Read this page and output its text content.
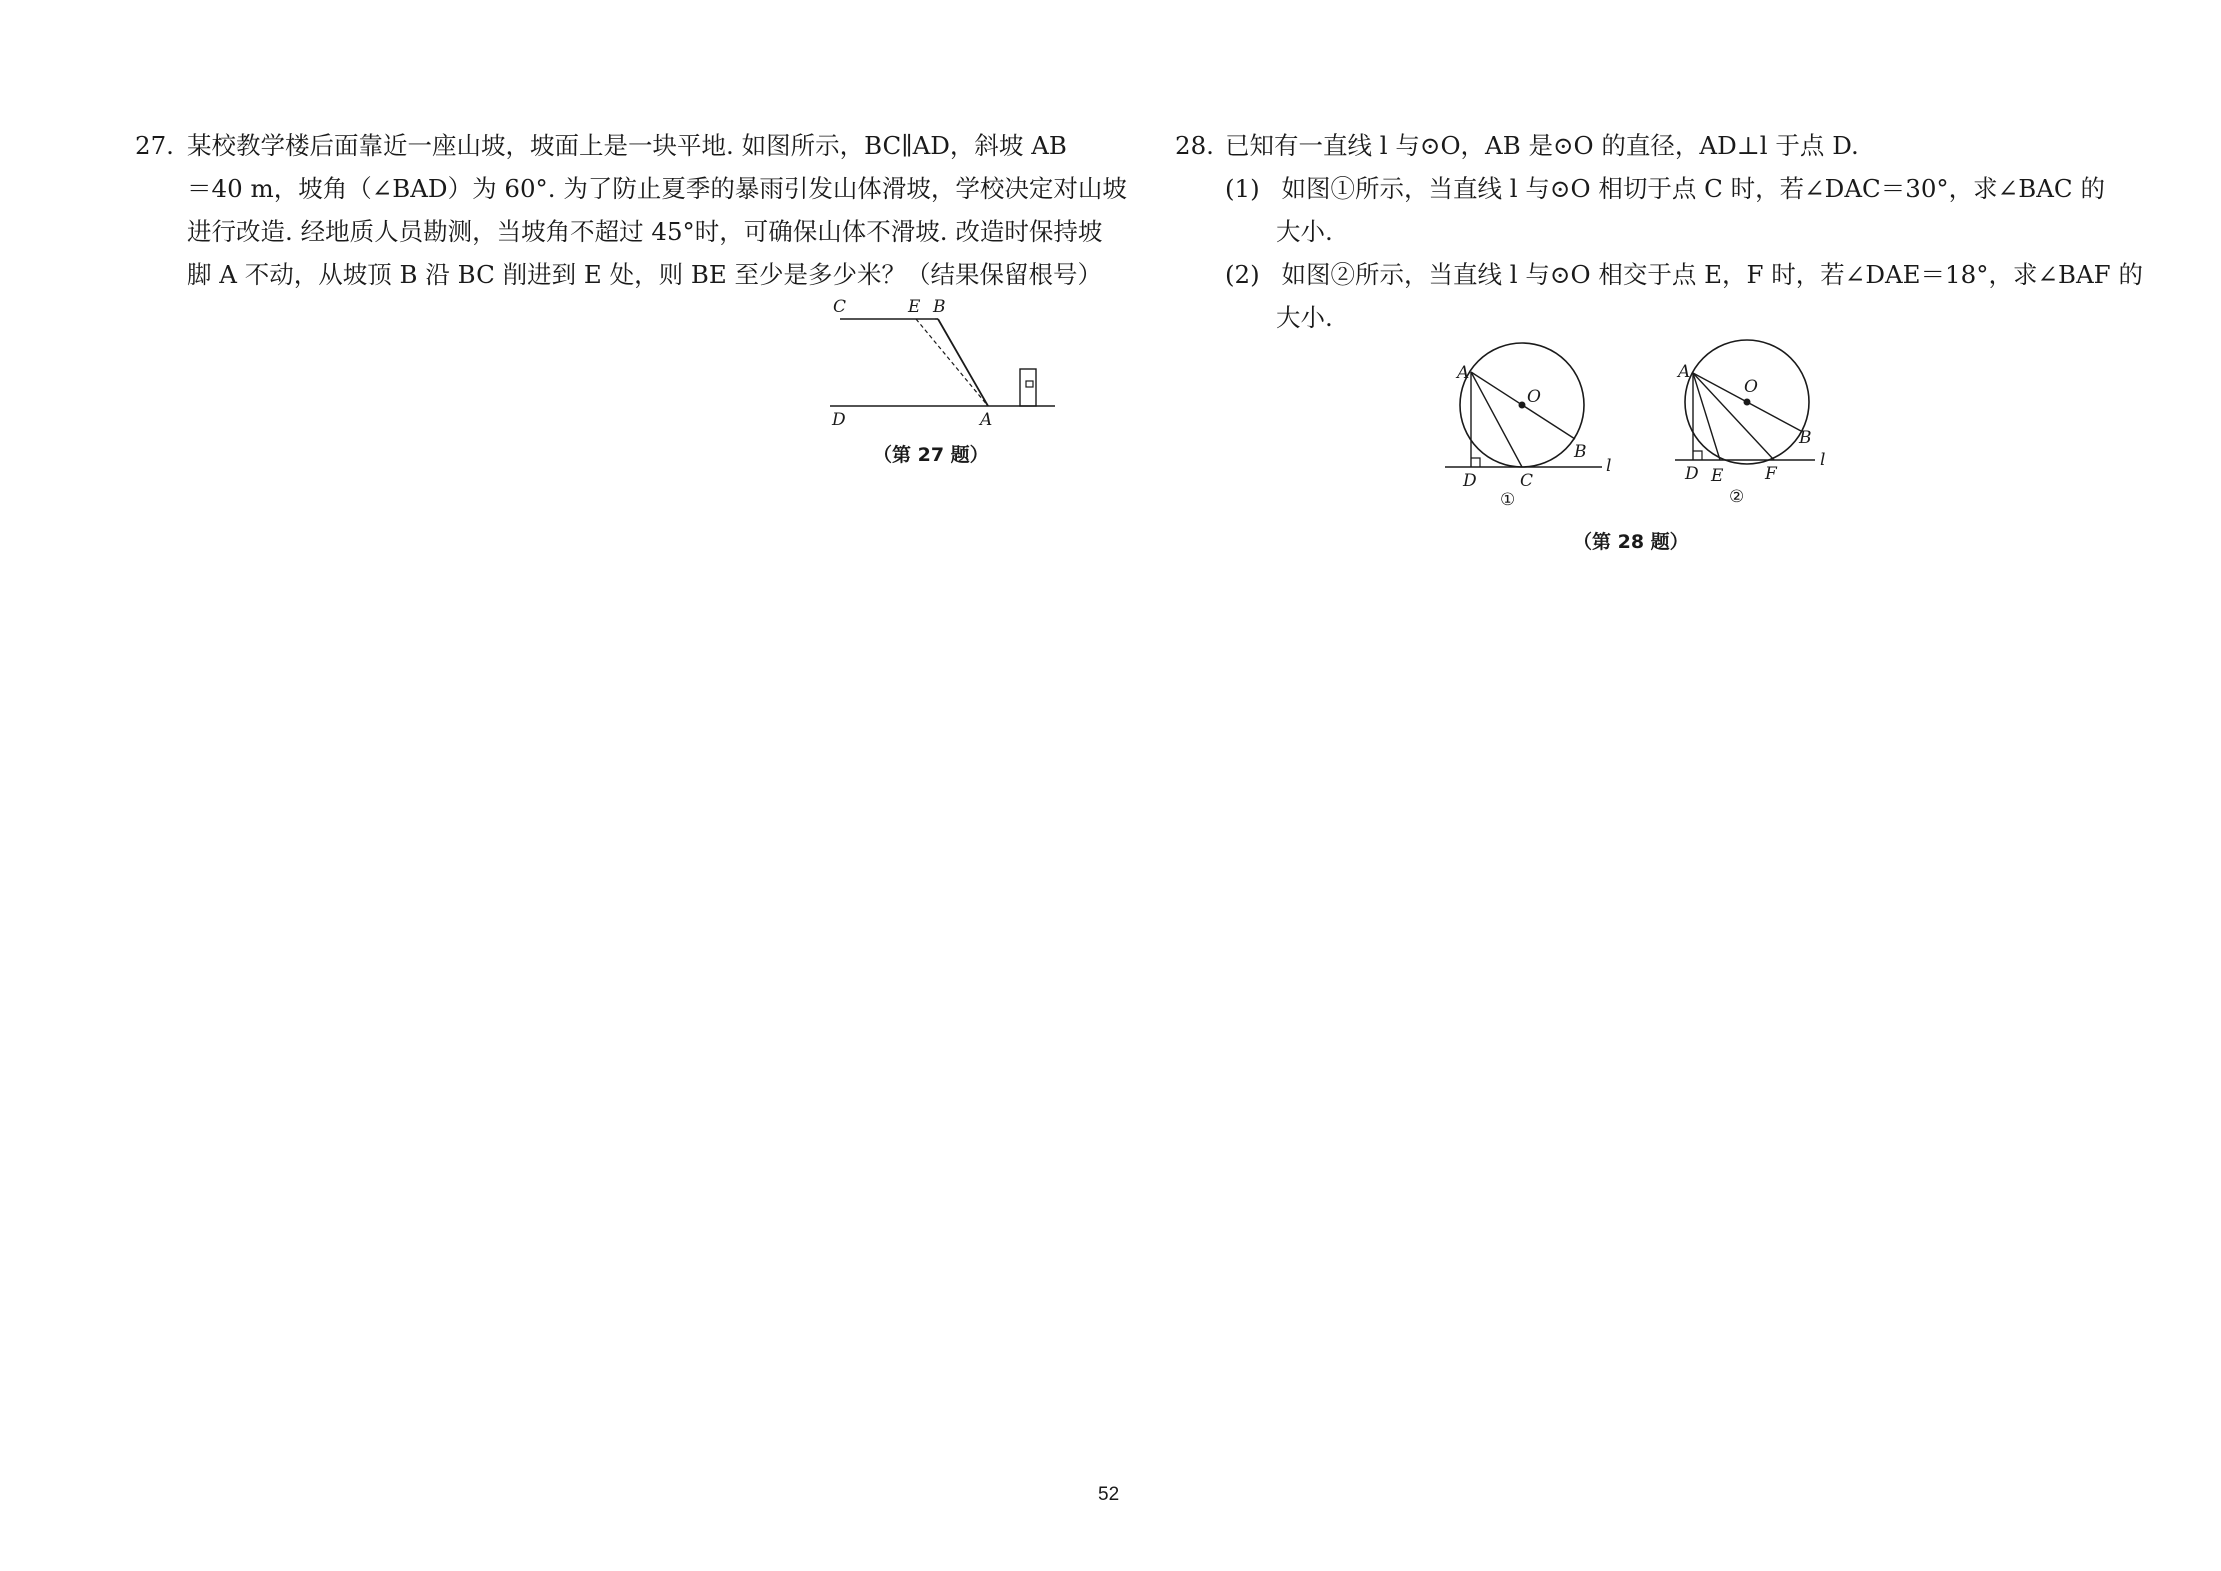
27. 某校教学楼后面靠近一座山坡，坡面上是一块平地. 如图所示，BC∥AD，斜坡 AB
＝40 m，坡角（∠BAD）为 60°. 为了防止夏季的暴雨引发山体滑坡，学校决定对山坡
进行改造. 经地质人员勘测，当坡角不超过 45°时，可确保山体不滑坡. 改造时保持坡
脚 A 不动，从坡顶 B 沿 BC 削进到 E 处，则 BE 至少是多少米？（结果保留根号）
C	E B
D	A
（第 27 题）
28. 已知有一直线 l 与⊙O，AB 是⊙O 的直径，AD⊥l 于点 D.
(1) 如图①所示，当直线 l 与⊙O 相切于点 C 时，若∠DAC＝30°，求∠BAC 的
大小.
(2) 如图②所示，当直线 l 与⊙O 相交于点 E，F 时，若∠DAE＝18°，求∠BAF 的
大小.
A
O
B
D	C
l
①
A
O
B
D E F
l
②
（第 28 题）
52
